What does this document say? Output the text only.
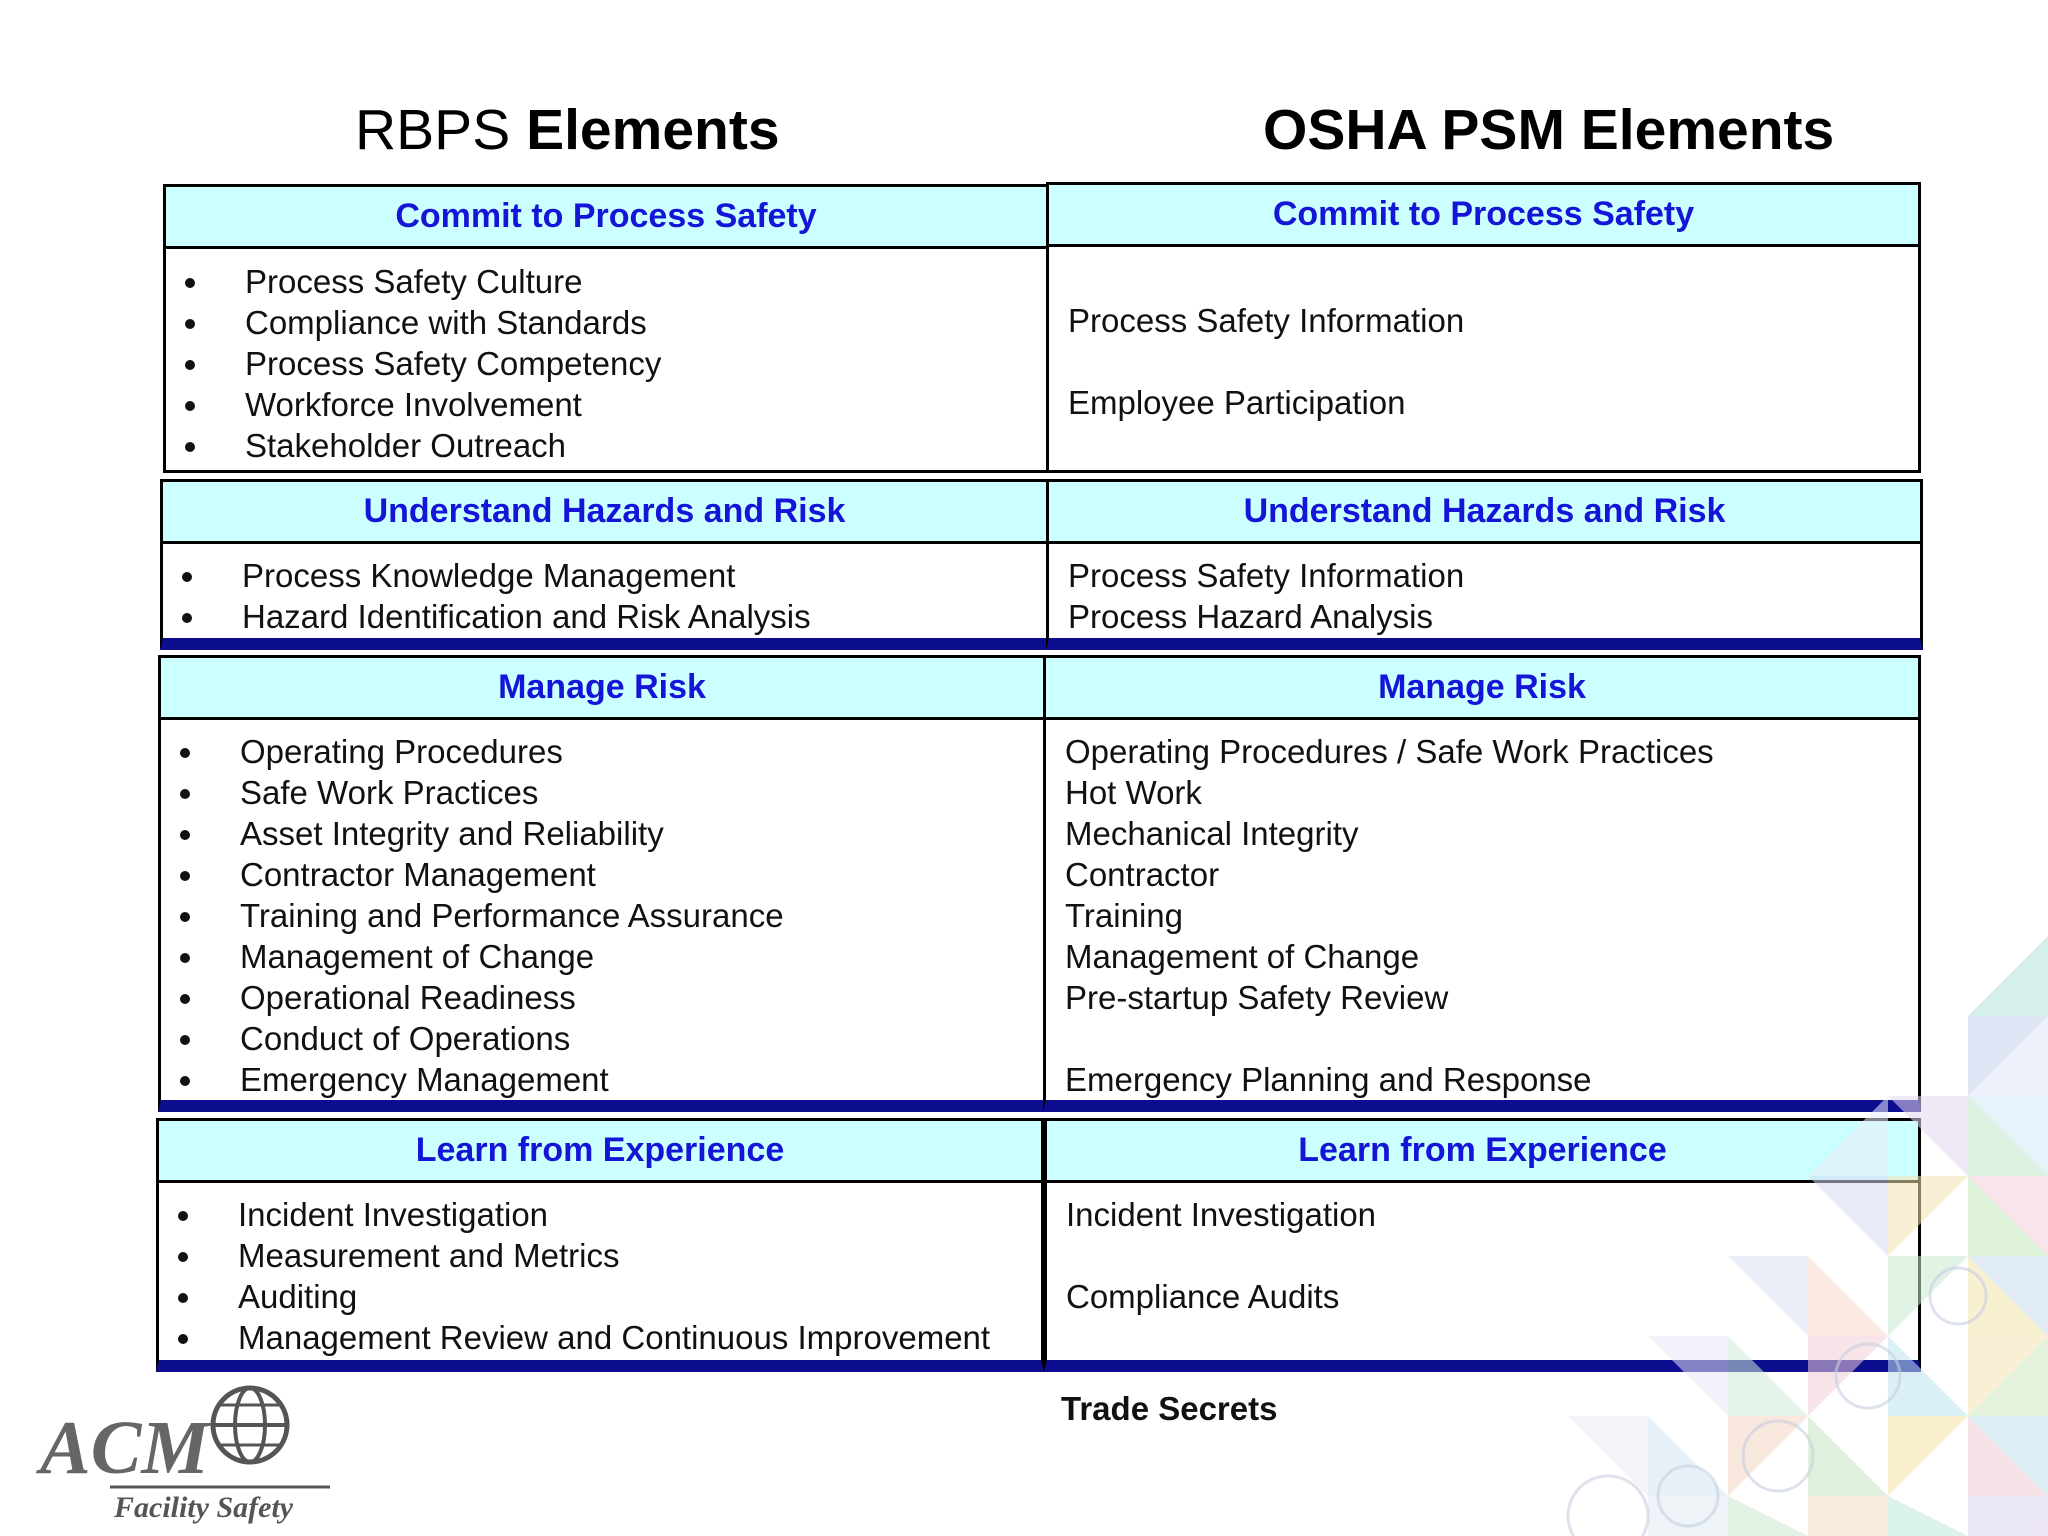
RBPS Elements	OSHA PSM Elements
Commit to Process Safety
Process Safety Culture
Compliance with Standards
Process Safety Competency
Workforce Involvement
Stakeholder Outreach
Understand Hazards and Risk
Process Knowledge Management
Hazard Identification and Risk Analysis
Manage Risk
Operating Procedures
Safe Work Practices
Asset Integrity and Reliability
Contractor Management
Training and Performance Assurance
Management of Change
Operational Readiness
Conduct of Operations
Emergency Management
Learn from Experience
Incident Investigation
Measurement and Metrics
Auditing
Management Review and Continuous Improvement
Commit to Process Safety
Process Safety Information
Employee Participation
Understand Hazards and Risk
Process Safety Information
Process Hazard Analysis
Manage Risk
Operating Procedures / Safe Work Practices
Hot Work
Mechanical Integrity
Contractor
Training
Management of Change
Pre-startup Safety Review
Emergency Planning and Response
Learn from Experience
Incident Investigation
Compliance Audits
Trade Secrets
ACM
Facility Safety
